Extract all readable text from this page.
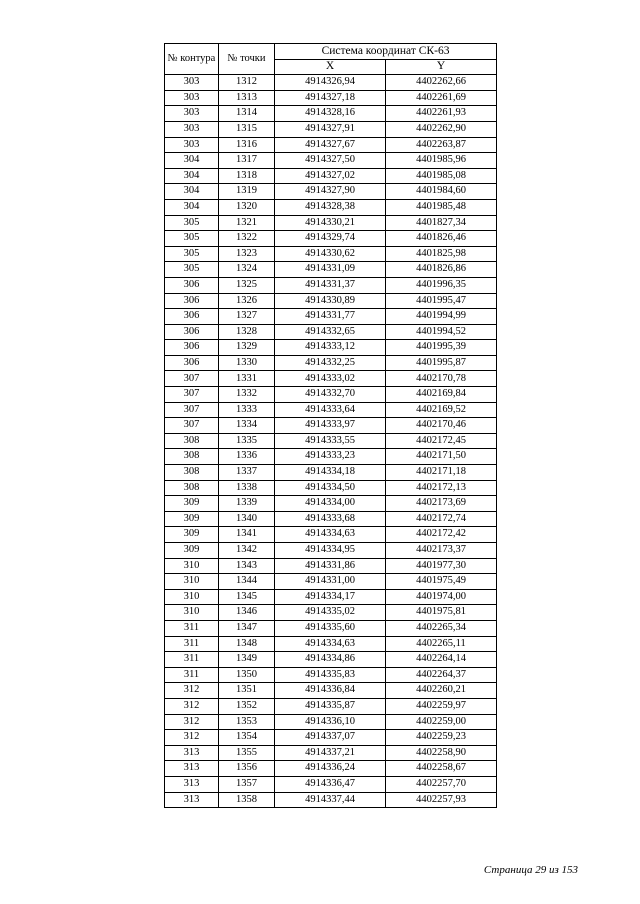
№ контура	№ точки	Система координат СК-63	
		X	Y
303	1312	4914326,94	4402262,66
303	1313	4914327,18	4402261,69
303	1314	4914328,16	4402261,93
303	1315	4914327,91	4402262,90
303	1316	4914327,67	4402263,87
304	1317	4914327,50	4401985,96
304	1318	4914327,02	4401985,08
304	1319	4914327,90	4401984,60
304	1320	4914328,38	4401985,48
305	1321	4914330,21	4401827,34
305	1322	4914329,74	4401826,46
305	1323	4914330,62	4401825,98
305	1324	4914331,09	4401826,86
306	1325	4914331,37	4401996,35
306	1326	4914330,89	4401995,47
306	1327	4914331,77	4401994,99
306	1328	4914332,65	4401994,52
306	1329	4914333,12	4401995,39
306	1330	4914332,25	4401995,87
307	1331	4914333,02	4402170,78
307	1332	4914332,70	4402169,84
307	1333	4914333,64	4402169,52
307	1334	4914333,97	4402170,46
308	1335	4914333,55	4402172,45
308	1336	4914333,23	4402171,50
308	1337	4914334,18	4402171,18
308	1338	4914334,50	4402172,13
309	1339	4914334,00	4402173,69
309	1340	4914333,68	4402172,74
309	1341	4914334,63	4402172,42
309	1342	4914334,95	4402173,37
310	1343	4914331,86	4401977,30
310	1344	4914331,00	4401975,49
310	1345	4914334,17	4401974,00
310	1346	4914335,02	4401975,81
311	1347	4914335,60	4402265,34
311	1348	4914334,63	4402265,11
311	1349	4914334,86	4402264,14
311	1350	4914335,83	4402264,37
312	1351	4914336,84	4402260,21
312	1352	4914335,87	4402259,97
312	1353	4914336,10	4402259,00
312	1354	4914337,07	4402259,23
313	1355	4914337,21	4402258,90
313	1356	4914336,24	4402258,67
313	1357	4914336,47	4402257,70
313	1358	4914337,44	4402257,93
Страница 29 из 153
